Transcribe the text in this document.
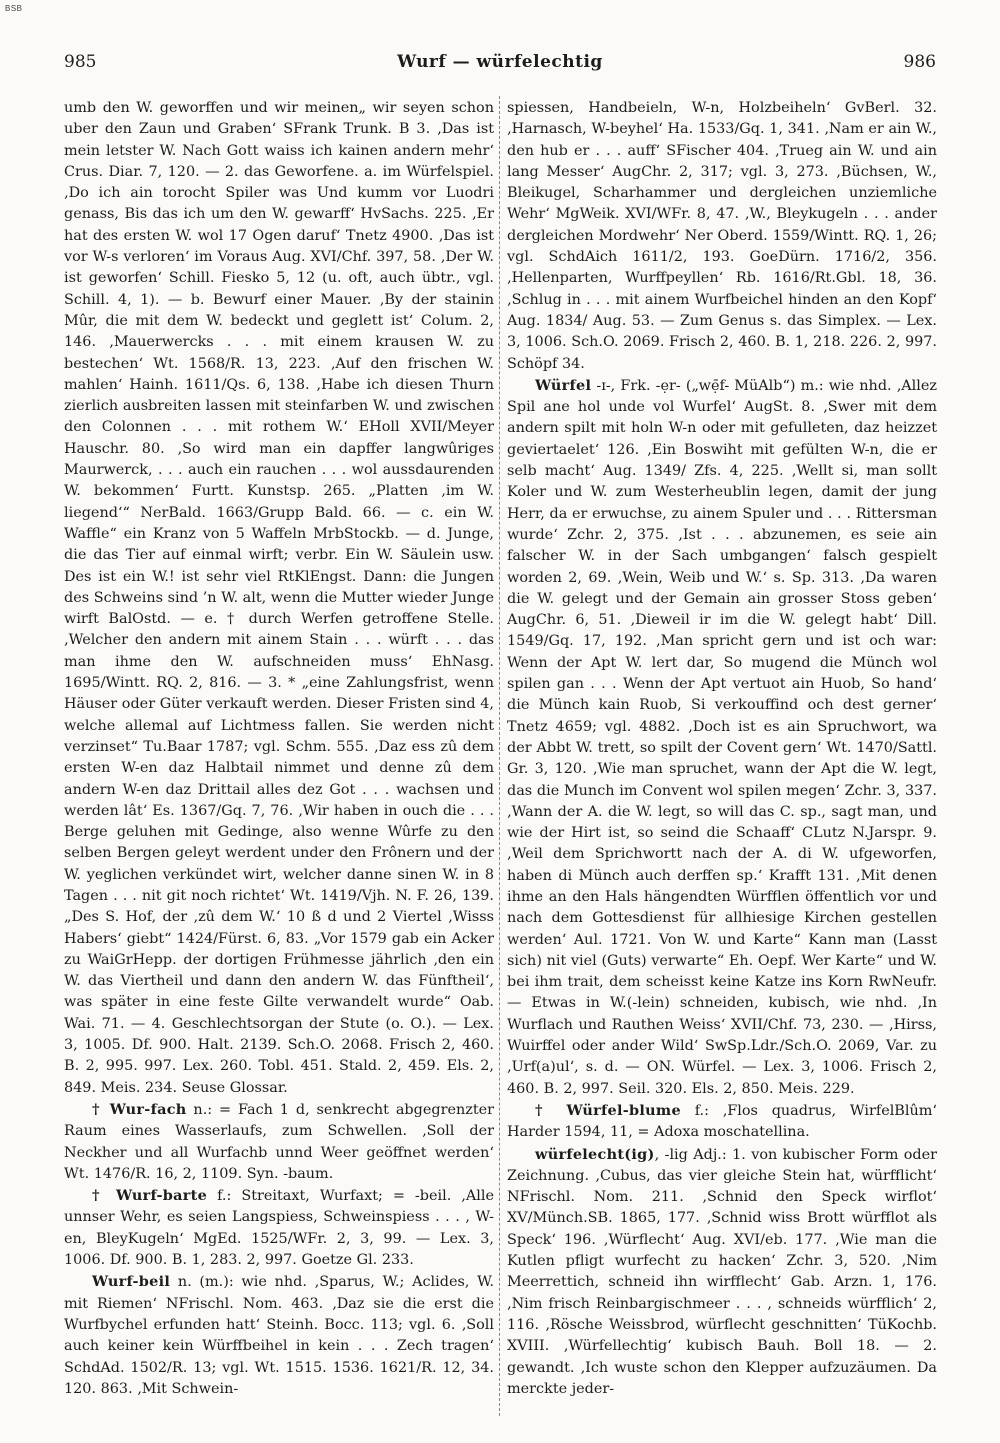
BSB
985	Wurf — würfelechtig	986

umb den W. geworffen und wir meinen„ wir seyen schon uber den Zaun und Graben‘ SFrank Trunk. B 3. ‚Das ist mein letster W. Nach Gott waiss ich kainen andern mehr‘ Crus. Diar. 7, 120. — 2. das Geworfene. a. im Würfelspiel. ‚Do ich ain torocht Spiler was Und kumm vor Luodri genass, Bis das ich um den W. gewarff‘ HvSachs. 225. ‚Er hat des ersten W. wol 17 Ogen daruf‘ Tnetz 4900. ‚Das ist vor W-s verloren‘ im Voraus Aug. XVI/Chf. 397, 58. ‚Der W. ist geworfen‘ Schill. Fiesko 5, 12 (u. oft, auch übtr., vgl. Schill. 4, 1). — b. Bewurf einer Mauer. ‚By der stainin Mûr, die mit dem W. bedeckt und geglett ist‘ Colum. 2, 146. ‚Mauerwercks . . . mit einem krausen W. zu bestechen‘ Wt. 1568/R. 13, 223. ‚Auf den frischen W. mahlen‘ Hainh. 1611/Qs. 6, 138. ‚Habe ich diesen Thurn zierlich ausbreiten lassen mit steinfarben W. und zwischen den Colonnen . . . mit rothem W.‘ EHoll XVII/Meyer Hauschr. 80. ‚So wird man ein dapffer langwûriges Maurwerck, . . . auch ein rauchen . . . wol aussdaurenden W. bekommen‘ Furtt. Kunstsp. 265. „Platten ‚im W. liegend‘“ NerBald. 1663/Grupp Bald. 66. — c. ein W. Waffle“ ein Kranz von 5 Waffeln MrbStockb. — d. Junge, die das Tier auf einmal wirft; verbr. Ein W. Säulein usw. Des ist ein W.! ist sehr viel RtKlEngst. Dann: die Jungen des Schweins sind ’n W. alt, wenn die Mutter wieder Junge wirft BalOstd. — e. † durch Werfen getroffene Stelle. ‚Welcher den andern mit ainem Stain . . . würft . . . das man ihme den W. aufschneiden muss‘ EhNasg. 1695/Wintt. RQ. 2, 816. — 3. * „eine Zahlungsfrist, wenn Häuser oder Güter verkauft werden. Dieser Fristen sind 4, welche allemal auf Lichtmess fallen. Sie werden nicht verzinset“ Tu.Baar 1787; vgl. Schm. 555. ‚Daz ess zû dem ersten W-en daz Halbtail nimmet und denne zû dem andern W-en daz Drittail alles dez Got . . . wachsen und werden lât‘ Es. 1367/Gq. 7, 76. ‚Wir haben in ouch die . . . Berge geluhen mit Gedinge, also wenne Wûrfe zu den selben Bergen geleyt werdent under den Frônern und der W. yeglichen verkündet wirt, welcher danne sinen W. in 8 Tagen . . . nit git noch richtet‘ Wt. 1419/Vjh. N. F. 26, 139. „Des S. Hof, der ‚zû dem W.‘ 10 ß d und 2 Viertel ‚Wisss Habers‘ giebt“ 1424/Fürst. 6, 83. „Vor 1579 gab ein Acker zu WaiGrHepp. der dortigen Frühmesse jährlich ‚den ein W. das Viertheil und dann den andern W. das Fünftheil‘, was später in eine feste Gilte verwandelt wurde“ Oab. Wai. 71. — 4. Geschlechtsorgan der Stute (o. O.). — Lex. 3, 1005. Df. 900. Halt. 2139. Sch.O. 2068. Frisch 2, 460. B. 2, 995. 997. Lex. 260. Tobl. 451. Stald. 2, 459. Els. 2, 849. Meis. 234. Seuse Glossar.

† Wur-fach n.: = Fach 1 d, senkrecht abgegrenzter Raum eines Wasserlaufs, zum Schwellen. ‚Soll der Neckher und all Wurfachb unnd Weer geöffnet werden‘ Wt. 1476/R. 16, 2, 1109. Syn. -baum.

† Wurf-barte f.: Streitaxt, Wurfaxt; = -beil. ‚Alle unnser Wehr, es seien Langspiess, Schweinspiess . . . , W-en, BleyKugeln‘ MgEd. 1525/WFr. 2, 3, 99. — Lex. 3, 1006. Df. 900. B. 1, 283. 2, 997. Goetze Gl. 233.

Wurf-beil n. (m.): wie nhd. ‚Sparus, W.; Aclides, W. mit Riemen‘ NFrischl. Nom. 463. ‚Daz sie die erst die Wurfbychel erfunden hatt‘ Steinh. Bocc. 113; vgl. 6. ‚Soll auch keiner kein Würffbeihel in kein . . . Zech tragen‘ SchdAd. 1502/R. 13; vgl. Wt. 1515. 1536. 1621/R. 12, 34. 120. 863. ‚Mit Schwein-

spiessen, Handbeieln, W-n, Holzbeiheln‘ GvBerl. 32. ‚Harnasch, W-beyhel‘ Ha. 1533/Gq. 1, 341. ‚Nam er ain W., den hub er . . . auff‘ SFischer 404. ‚Trueg ain W. und ain lang Messer‘ AugChr. 2, 317; vgl. 3, 273. ‚Büchsen, W., Bleikugel, Scharhammer und dergleichen unziemliche Wehr‘ MgWeik. XVI/WFr. 8, 47. ‚W., Bleykugeln . . . ander dergleichen Mordwehr‘ Ner Oberd. 1559/Wintt. RQ. 1, 26; vgl. SchdAich 1611/2, 193. GoeDürn. 1716/2, 356. ‚Hellenparten, Wurffpeyllen‘ Rb. 1616/Rt.Gbl. 18, 36. ‚Schlug in . . . mit ainem Wurfbeichel hinden an den Kopf‘ Aug. 1834/ Aug. 53. — Zum Genus s. das Simplex. — Lex. 3, 1006. Sch.O. 2069. Frisch 2, 460. B. 1, 218. 226. 2, 997. Schöpf 34.

Würfel -ɪ-, Frk. -ẹr- („wẹ̄f- MüAlb“) m.: wie nhd. ‚Allez Spil ane hol unde vol Wurfel‘ AugSt. 8. ‚Swer mit dem andern spilt mit holn W-n oder mit gefulleten, daz heizzet geviertaelet‘ 126. ‚Ein Boswiht mit gefülten W-n, die er selb macht‘ Aug. 1349/ Zfs. 4, 225. ‚Wellt si, man sollt Koler und W. zum Westerheublin legen, damit der jung Herr, da er erwuchse, zu ainem Spuler und . . . Rittersman wurde‘ Zchr. 2, 375. ‚Ist . . . abzunemen, es seie ain falscher W. in der Sach umbgangen‘ falsch gespielt worden 2, 69. ‚Wein, Weib und W.‘ s. Sp. 313. ‚Da waren die W. gelegt und der Gemain ain grosser Stoss geben‘ AugChr. 6, 51. ‚Dieweil ir im die W. gelegt habt‘ Dill. 1549/Gq. 17, 192. ‚Man spricht gern und ist och war: Wenn der Apt W. lert dar, So mugend die Münch wol spilen gan . . . Wenn der Apt vertuot ain Huob, So hand‘ die Münch kain Ruob, Si verkouffind och dest gerner‘ Tnetz 4659; vgl. 4882. ‚Doch ist es ain Spruchwort, wa der Abbt W. trett, so spilt der Covent gern‘ Wt. 1470/Sattl. Gr. 3, 120. ‚Wie man spruchet, wann der Apt die W. legt, das die Munch im Convent wol spilen megen‘ Zchr. 3, 337. ‚Wann der A. die W. legt, so will das C. sp., sagt man, und wie der Hirt ist, so seind die Schaaff‘ CLutz N.Jarspr. 9. ‚Weil dem Sprichwortt nach der A. di W. ufgeworfen, haben di Münch auch derffen sp.‘ Krafft 131. ‚Mit denen ihme an den Hals hängendten Würfflen öffentlich vor und nach dem Gottesdienst für allhiesige Kirchen gestellen werden‘ Aul. 1721. Von W. und Karte“ Kann man (Lasst sich) nit viel (Guts) verwarte“ Eh. Oepf. Wer Karte“ und W. bei ihm trait, dem scheisst keine Katze ins Korn RwNeufr. — Etwas in W.(-lein) schneiden, kubisch, wie nhd. ‚In Wurflach und Rauthen Weiss‘ XVII/Chf. 73, 230. — ‚Hirss, Wuirffel oder ander Wild‘ SwSp.Ldr./Sch.O. 2069, Var. zu ‚Urf(a)ul‘, s. d. — ON. Würfel. — Lex. 3, 1006. Frisch 2, 460. B. 2, 997. Seil. 320. Els. 2, 850. Meis. 229.

† Würfel-blume f.: ‚Flos quadrus, WirfelBlûm‘ Harder 1594, 11, = Adoxa moschatellina.

würfelecht(ig), -lig Adj.: 1. von kubischer Form oder Zeichnung. ‚Cubus, das vier gleiche Stein hat, würfflicht‘ NFrischl. Nom. 211. ‚Schnid den Speck wirflot‘ XV/Münch.SB. 1865, 177. ‚Schnid wiss Brott würfflot als Speck‘ 196. ‚Würflecht‘ Aug. XVI/eb. 177. ‚Wie man die Kutlen pfligt wurfecht zu hacken‘ Zchr. 3, 520. ‚Nim Meerrettich, schneid ihn wirfflecht‘ Gab. Arzn. 1, 176. ‚Nim frisch Reinbargischmeer . . . , schneids würfflich‘ 2, 116. ‚Rösche Weissbrod, würflecht geschnitten‘ TüKochb. XVIII. ‚Würfellechtig‘ kubisch Bauh. Boll 18. — 2. gewandt. ‚Ich wuste schon den Klepper aufzuzäumen. Da merckte jeder-
